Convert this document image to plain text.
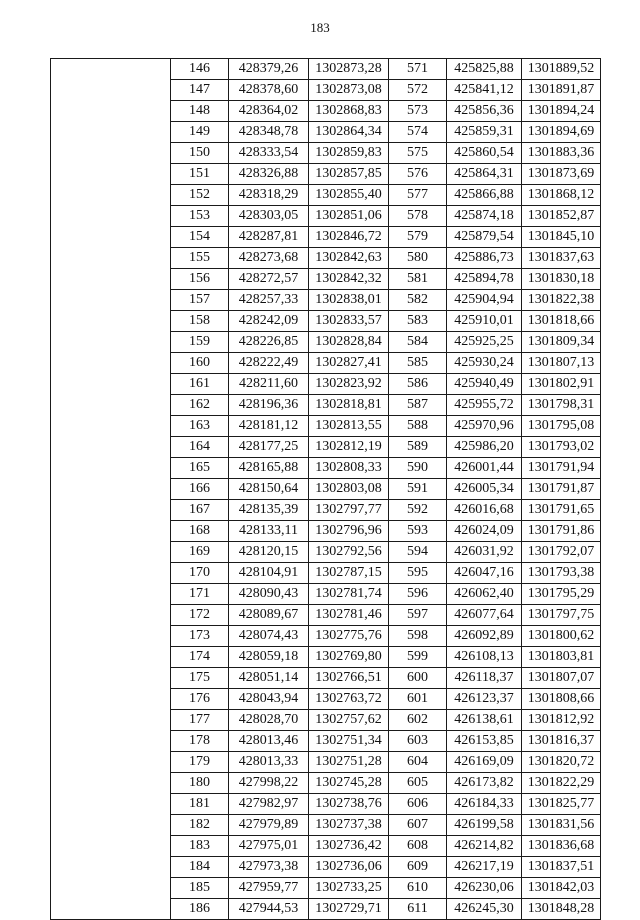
183
	146	428379,26	1302873,28	571	425825,88	1301889,52
	147	428378,60	1302873,08	572	425841,12	1301891,87
	148	428364,02	1302868,83	573	425856,36	1301894,24
	149	428348,78	1302864,34	574	425859,31	1301894,69
	150	428333,54	1302859,83	575	425860,54	1301883,36
	151	428326,88	1302857,85	576	425864,31	1301873,69
	152	428318,29	1302855,40	577	425866,88	1301868,12
	153	428303,05	1302851,06	578	425874,18	1301852,87
	154	428287,81	1302846,72	579	425879,54	1301845,10
	155	428273,68	1302842,63	580	425886,73	1301837,63
	156	428272,57	1302842,32	581	425894,78	1301830,18
	157	428257,33	1302838,01	582	425904,94	1301822,38
	158	428242,09	1302833,57	583	425910,01	1301818,66
	159	428226,85	1302828,84	584	425925,25	1301809,34
	160	428222,49	1302827,41	585	425930,24	1301807,13
	161	428211,60	1302823,92	586	425940,49	1301802,91
	162	428196,36	1302818,81	587	425955,72	1301798,31
	163	428181,12	1302813,55	588	425970,96	1301795,08
	164	428177,25	1302812,19	589	425986,20	1301793,02
	165	428165,88	1302808,33	590	426001,44	1301791,94
	166	428150,64	1302803,08	591	426005,34	1301791,87
	167	428135,39	1302797,77	592	426016,68	1301791,65
	168	428133,11	1302796,96	593	426024,09	1301791,86
	169	428120,15	1302792,56	594	426031,92	1301792,07
	170	428104,91	1302787,15	595	426047,16	1301793,38
	171	428090,43	1302781,74	596	426062,40	1301795,29
	172	428089,67	1302781,46	597	426077,64	1301797,75
	173	428074,43	1302775,76	598	426092,89	1301800,62
	174	428059,18	1302769,80	599	426108,13	1301803,81
	175	428051,14	1302766,51	600	426118,37	1301807,07
	176	428043,94	1302763,72	601	426123,37	1301808,66
	177	428028,70	1302757,62	602	426138,61	1301812,92
	178	428013,46	1302751,34	603	426153,85	1301816,37
	179	428013,33	1302751,28	604	426169,09	1301820,72
	180	427998,22	1302745,28	605	426173,82	1301822,29
	181	427982,97	1302738,76	606	426184,33	1301825,77
	182	427979,89	1302737,38	607	426199,58	1301831,56
	183	427975,01	1302736,42	608	426214,82	1301836,68
	184	427973,38	1302736,06	609	426217,19	1301837,51
	185	427959,77	1302733,25	610	426230,06	1301842,03
	186	427944,53	1302729,71	611	426245,30	1301848,28
